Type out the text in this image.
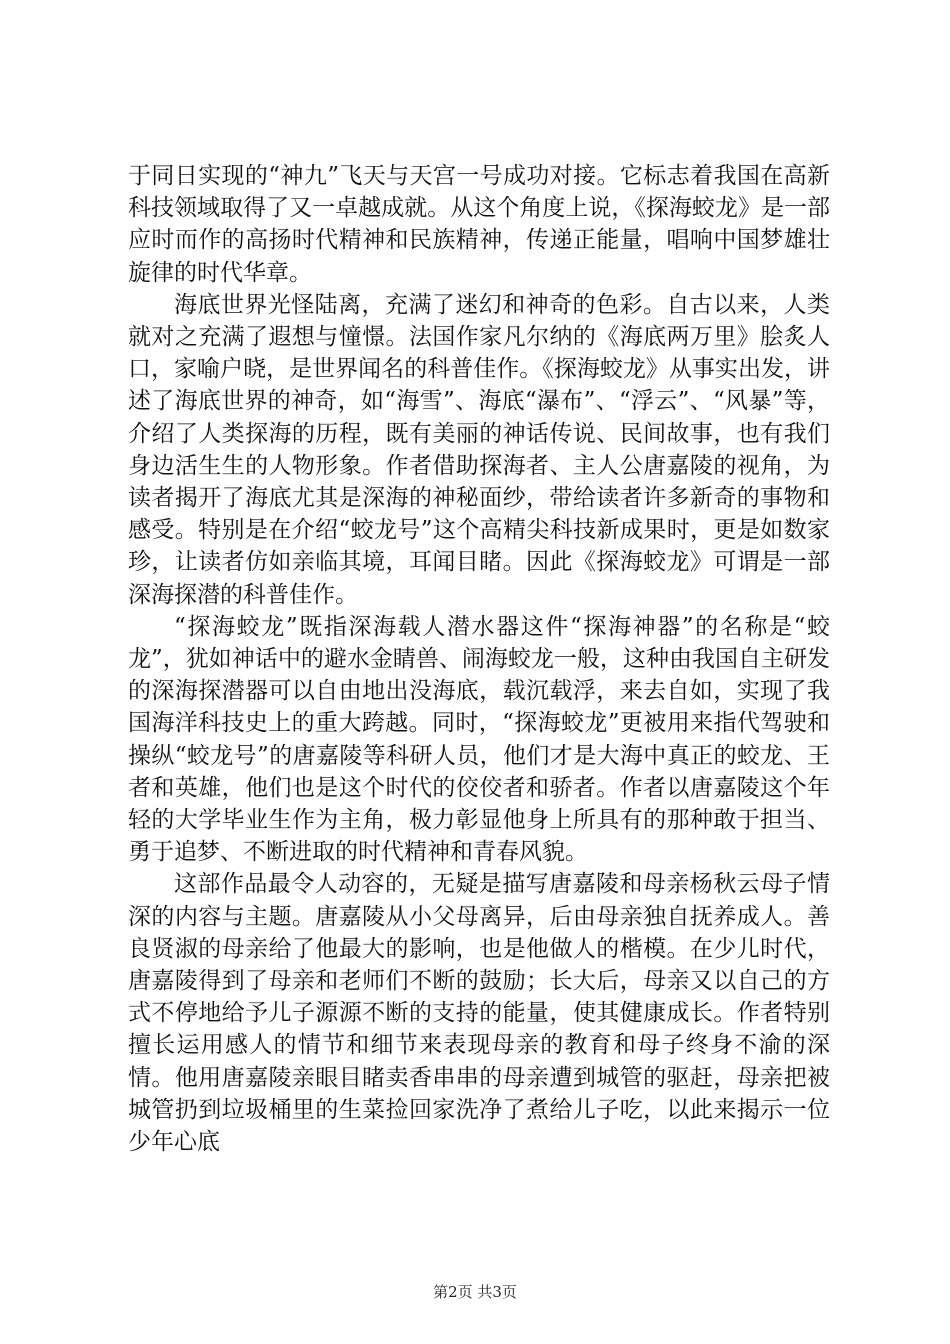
于同日实现的“神九”飞天与天宫一号成功对接。它标志着我国在高新科技领域取得了又一卓越成就。从这个角度上说，《探海蛟龙》是一部应时而作的高扬时代精神和民族精神，传递正能量，唱响中国梦雄壮旋律的时代华章。

海底世界光怪陆离，充满了迷幻和神奇的色彩。自古以来，人类就对之充满了遐想与憧憬。法国作家凡尔纳的《海底两万里》脍炙人口，家喻户晓，是世界闻名的科普佳作。《探海蛟龙》从事实出发，讲述了海底世界的神奇，如“海雪”、海底“瀑布”、“浮云”、“风暴”等，介绍了人类探海的历程，既有美丽的神话传说、民间故事，也有我们身边活生生的人物形象。作者借助探海者、主人公唐嘉陵的视角，为读者揭开了海底尤其是深海的神秘面纱，带给读者许多新奇的事物和感受。特别是在介绍“蛟龙号”这个高精尖科技新成果时，更是如数家珍，让读者仿如亲临其境，耳闻目睹。因此《探海蛟龙》可谓是一部深海探潜的科普佳作。

“探海蛟龙”既指深海载人潜水器这件“探海神器”的名称是“蛟龙”，犹如神话中的避水金睛兽、闹海蛟龙一般，这种由我国自主研发的深海探潜器可以自由地出没海底，载沉载浮，来去自如，实现了我国海洋科技史上的重大跨越。同时，“探海蛟龙”更被用来指代驾驶和操纵“蛟龙号”的唐嘉陵等科研人员，他们才是大海中真正的蛟龙、王者和英雄，他们也是这个时代的佼佼者和骄者。作者以唐嘉陵这个年轻的大学毕业生作为主角，极力彰显他身上所具有的那种敢于担当、勇于追梦、不断进取的时代精神和青春风貌。

这部作品最令人动容的，无疑是描写唐嘉陵和母亲杨秋云母子情深的内容与主题。唐嘉陵从小父母离异，后由母亲独自抚养成人。善良贤淑的母亲给了他最大的影响，也是他做人的楷模。在少儿时代，唐嘉陵得到了母亲和老师们不断的鼓励；长大后，母亲又以自己的方式不停地给予儿子源源不断的支持的能量，使其健康成长。作者特别擅长运用感人的情节和细节来表现母亲的教育和母子终身不渝的深情。他用唐嘉陵亲眼目睹卖香串串的母亲遭到城管的驱赶，母亲把被城管扔到垃圾桶里的生菜捡回家洗净了煮给儿子吃，以此来揭示一位少年心底

第2页 共3页
